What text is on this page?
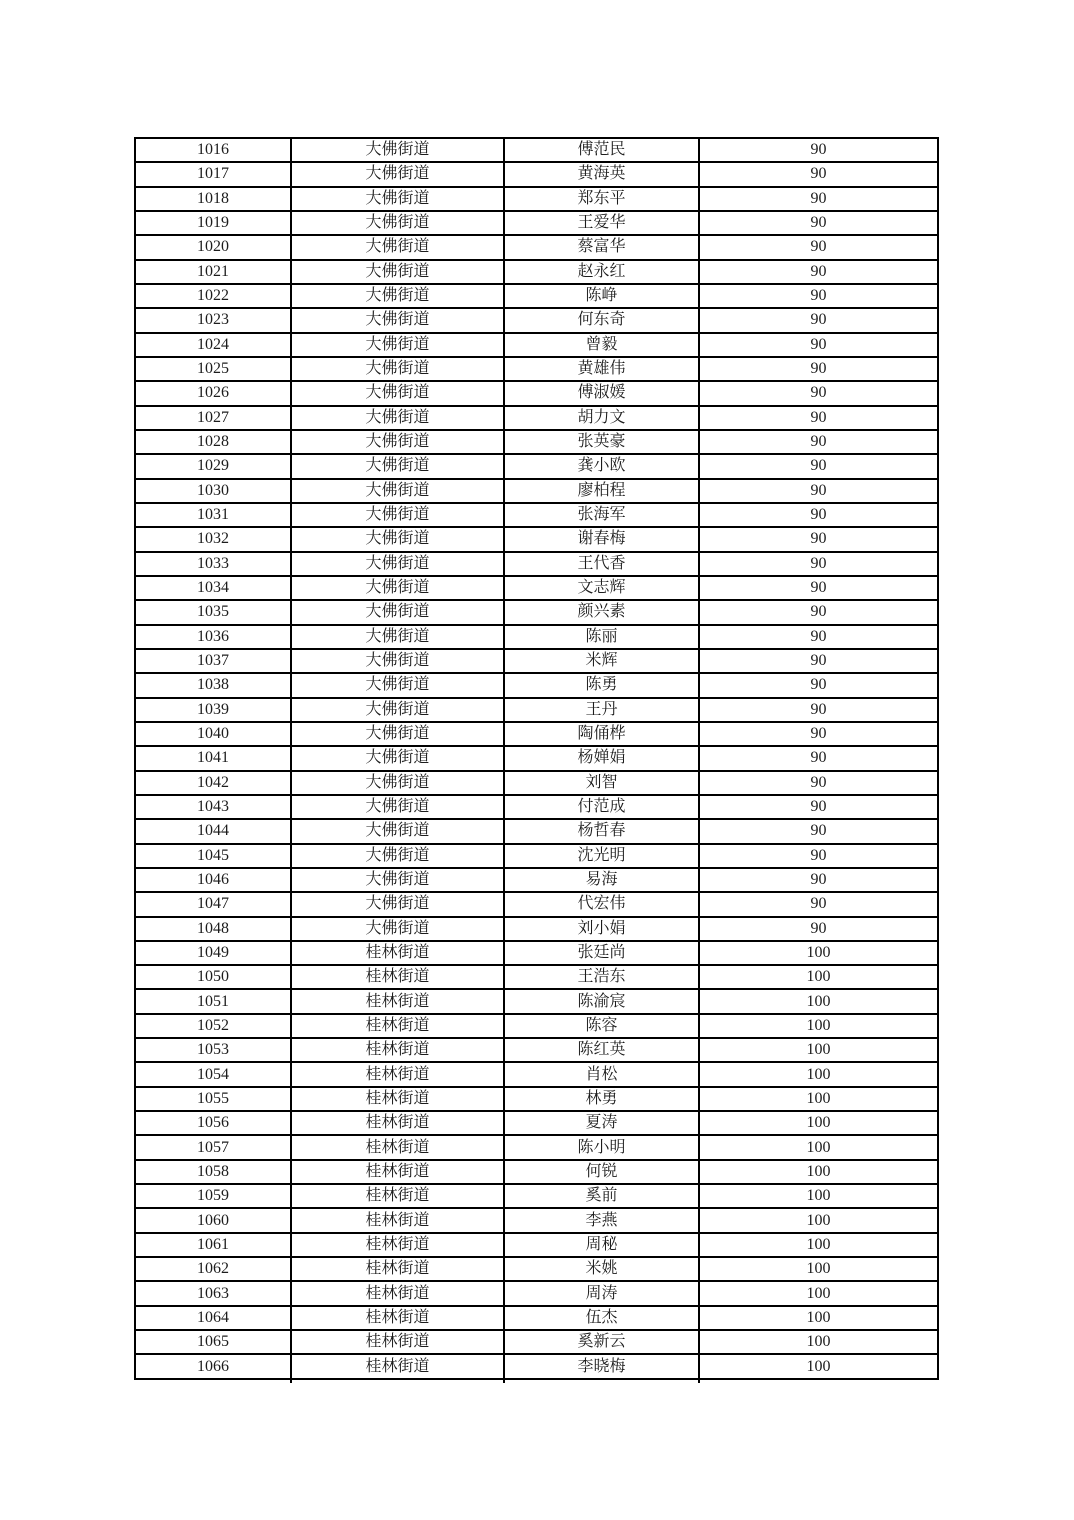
1016	大佛街道	傅范民	90
1017	大佛街道	黄海英	90
1018	大佛街道	郑东平	90
1019	大佛街道	王爱华	90
1020	大佛街道	蔡富华	90
1021	大佛街道	赵永红	90
1022	大佛街道	陈峥	90
1023	大佛街道	何东奇	90
1024	大佛街道	曾毅	90
1025	大佛街道	黄雄伟	90
1026	大佛街道	傅淑媛	90
1027	大佛街道	胡力文	90
1028	大佛街道	张英豪	90
1029	大佛街道	龚小欧	90
1030	大佛街道	廖柏程	90
1031	大佛街道	张海军	90
1032	大佛街道	谢春梅	90
1033	大佛街道	王代香	90
1034	大佛街道	文志辉	90
1035	大佛街道	颜兴素	90
1036	大佛街道	陈丽	90
1037	大佛街道	米辉	90
1038	大佛街道	陈勇	90
1039	大佛街道	王丹	90
1040	大佛街道	陶俑桦	90
1041	大佛街道	杨婵娟	90
1042	大佛街道	刘智	90
1043	大佛街道	付范成	90
1044	大佛街道	杨哲春	90
1045	大佛街道	沈光明	90
1046	大佛街道	易海	90
1047	大佛街道	代宏伟	90
1048	大佛街道	刘小娟	90
1049	桂林街道	张廷尚	100
1050	桂林街道	王浩东	100
1051	桂林街道	陈渝宸	100
1052	桂林街道	陈容	100
1053	桂林街道	陈红英	100
1054	桂林街道	肖松	100
1055	桂林街道	林勇	100
1056	桂林街道	夏涛	100
1057	桂林街道	陈小明	100
1058	桂林街道	何锐	100
1059	桂林街道	奚前	100
1060	桂林街道	李燕	100
1061	桂林街道	周秘	100
1062	桂林街道	米姚	100
1063	桂林街道	周涛	100
1064	桂林街道	伍杰	100
1065	桂林街道	奚新云	100
1066	桂林街道	李晓梅	100
